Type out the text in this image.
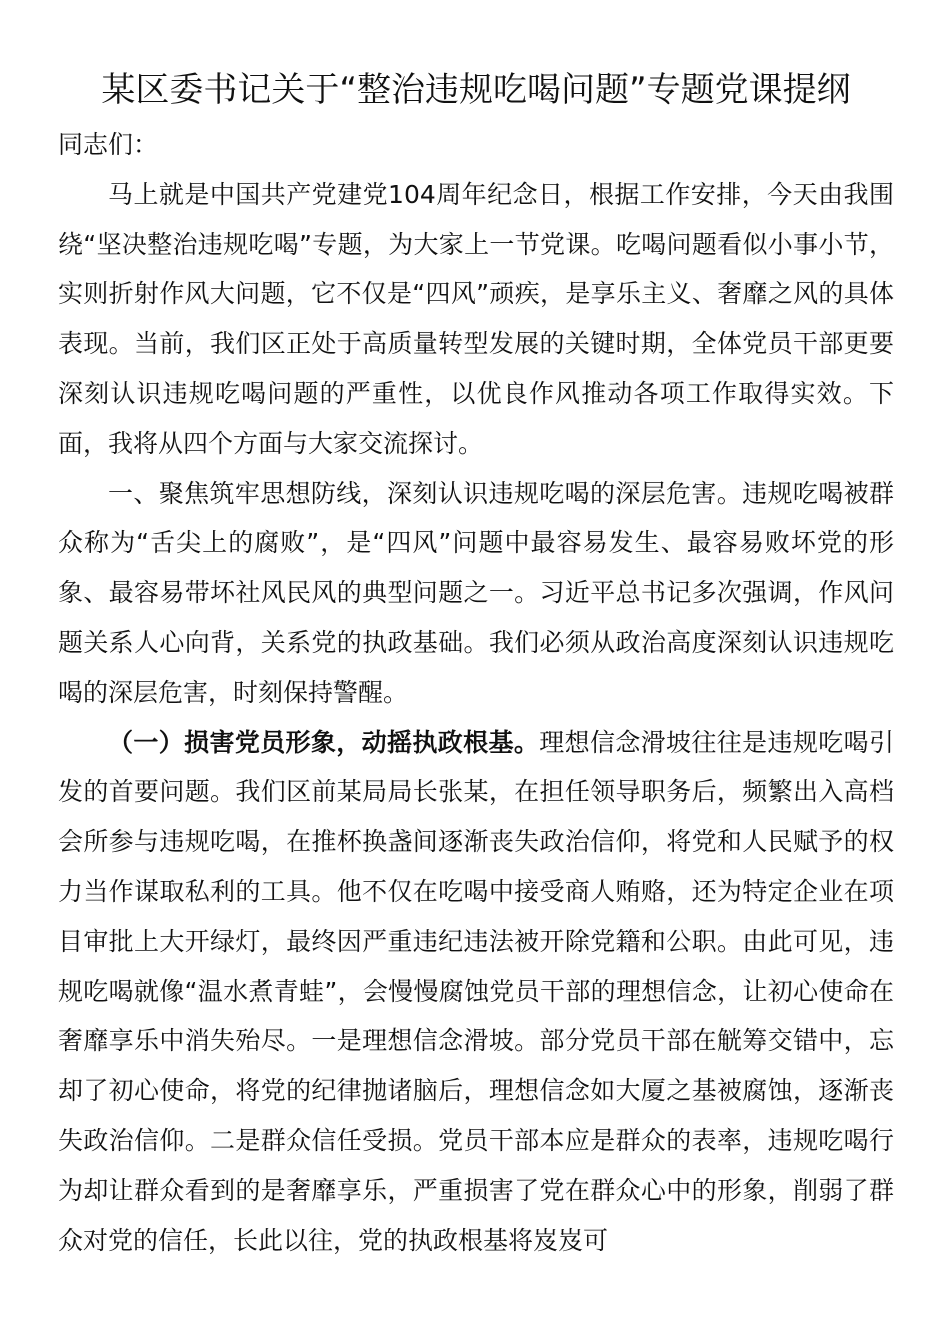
某区委书记关于“整治违规吃喝问题”专题党课提纲

同志们：

马上就是中国共产党建党104周年纪念日，根据工作安排，今天由我围绕“坚决整治违规吃喝”专题，为大家上一节党课。吃喝问题看似小事小节，实则折射作风大问题，它不仅是“四风”顽疾，是享乐主义、奢靡之风的具体表现。当前，我们区正处于高质量转型发展的关键时期，全体党员干部更要深刻认识违规吃喝问题的严重性，以优良作风推动各项工作取得实效。下面，我将从四个方面与大家交流探讨。

一、聚焦筑牢思想防线，深刻认识违规吃喝的深层危害。违规吃喝被群众称为“舌尖上的腐败”，是“四风”问题中最容易发生、最容易败坏党的形象、最容易带坏社风民风的典型问题之一。习近平总书记多次强调，作风问题关系人心向背，关系党的执政基础。我们必须从政治高度深刻认识违规吃喝的深层危害，时刻保持警醒。

（一）损害党员形象，动摇执政根基。理想信念滑坡往往是违规吃喝引发的首要问题。我们区前某局局长张某，在担任领导职务后，频繁出入高档会所参与违规吃喝，在推杯换盏间逐渐丧失政治信仰，将党和人民赋予的权力当作谋取私利的工具。他不仅在吃喝中接受商人贿赂，还为特定企业在项目审批上大开绿灯，最终因严重违纪违法被开除党籍和公职。由此可见，违规吃喝就像“温水煮青蛙”，会慢慢腐蚀党员干部的理想信念，让初心使命在奢靡享乐中消失殆尽。一是理想信念滑坡。部分党员干部在觥筹交错中，忘却了初心使命，将党的纪律抛诸脑后，理想信念如大厦之基被腐蚀，逐渐丧失政治信仰。二是群众信任受损。党员干部本应是群众的表率，违规吃喝行为却让群众看到的是奢靡享乐，严重损害了党在群众心中的形象，削弱了群众对党的信任，长此以往，党的执政根基将岌岌可
